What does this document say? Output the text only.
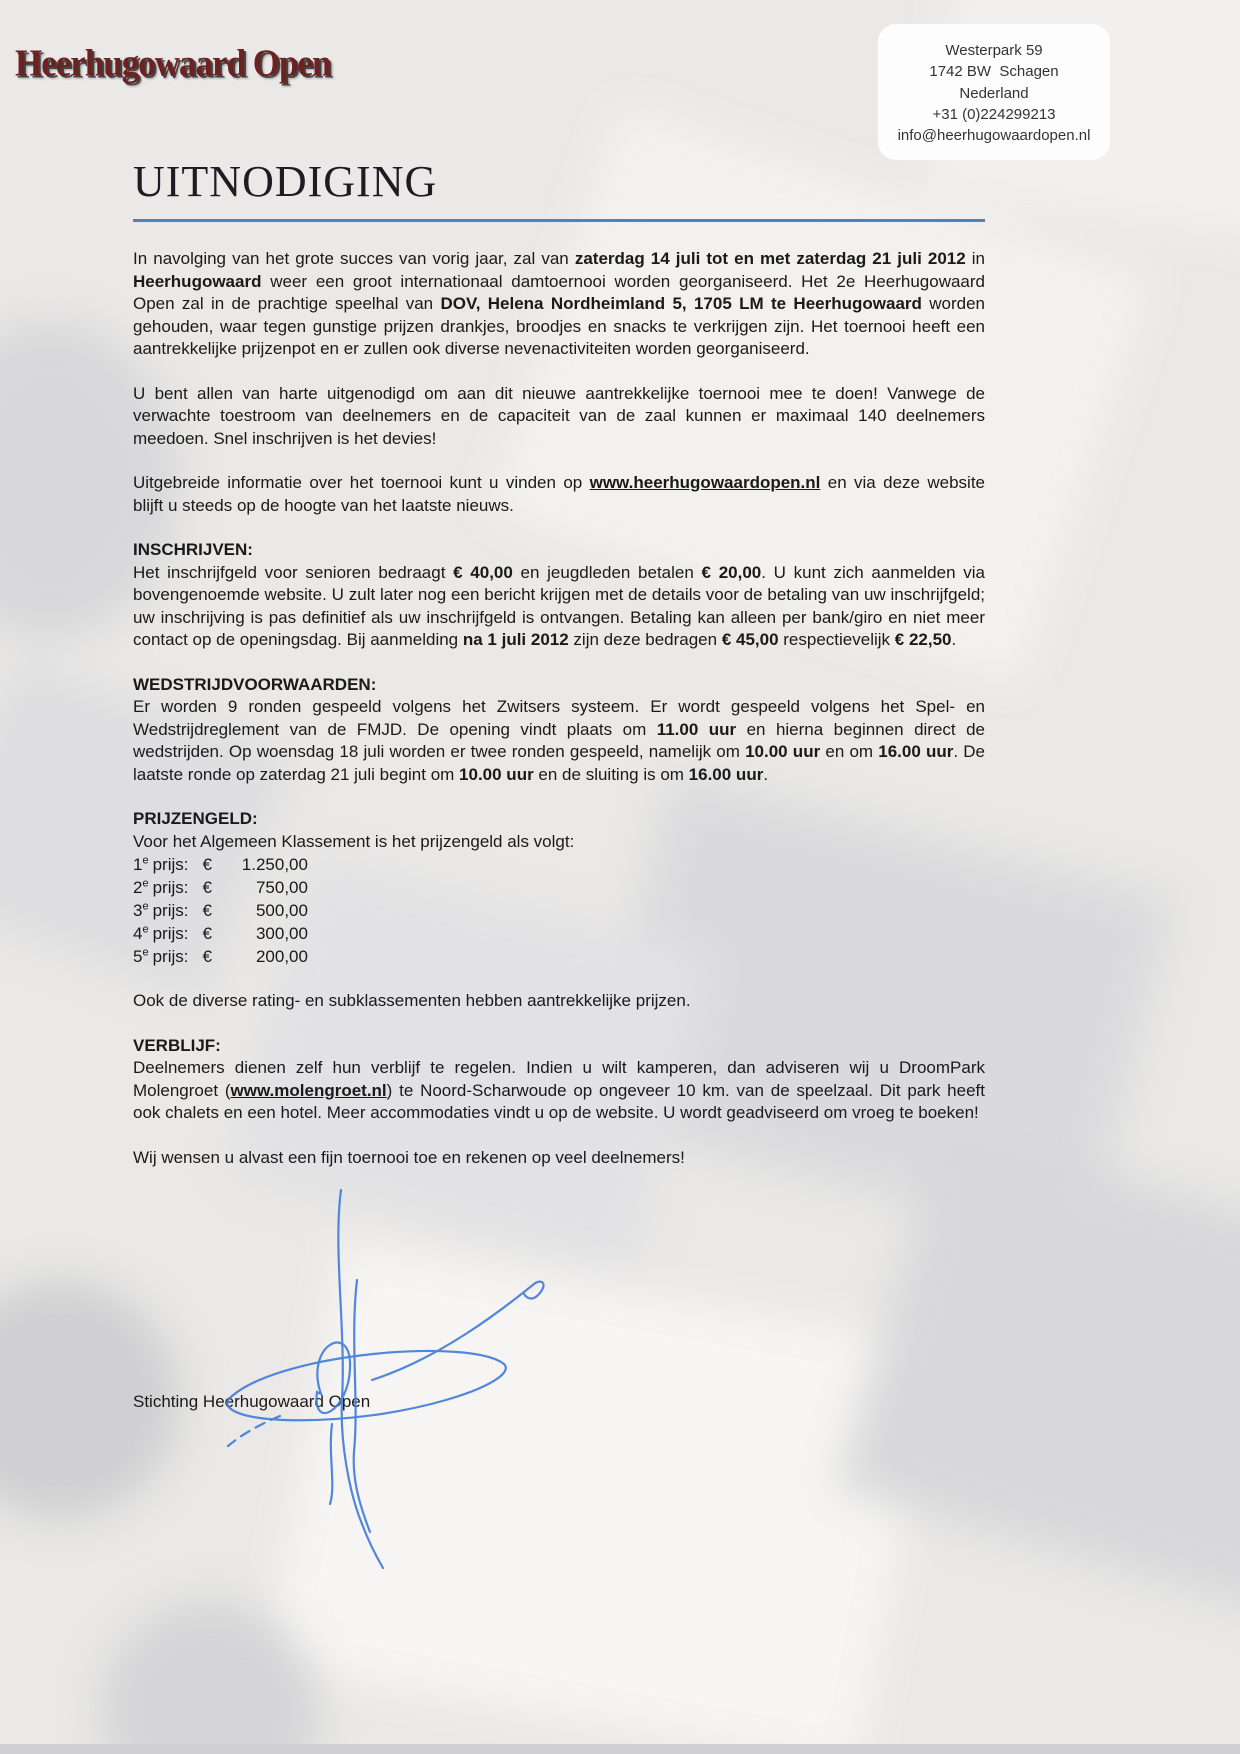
Heerhugowaard Open	Westerpark 59
1742 BW  Schagen
Nederland
+31 (0)224299213
info@heerhugowaardopen.nl
UITNODIGING

In navolging van het grote succes van vorig jaar, zal van zaterdag 14 juli tot en met zaterdag 21 juli 2012 in Heerhugowaard weer een groot internationaal damtoernooi worden georganiseerd. Het 2e Heerhugowaard Open zal in de prachtige speelhal van DOV, Helena Nordheimland 5, 1705 LM te Heerhugowaard worden gehouden, waar tegen gunstige prijzen drankjes, broodjes en snacks te verkrijgen zijn. Het toernooi heeft een aantrekkelijke prijzenpot en er zullen ook diverse nevenactiviteiten worden georganiseerd.

U bent allen van harte uitgenodigd om aan dit nieuwe aantrekkelijke toernooi mee te doen! Vanwege de verwachte toestroom van deelnemers en de capaciteit van de zaal kunnen er maximaal 140 deelnemers meedoen. Snel inschrijven is het devies!

Uitgebreide informatie over het toernooi kunt u vinden op www.heerhugowaardopen.nl en via deze website blijft u steeds op de hoogte van het laatste nieuws.

INSCHRIJVEN:

Het inschrijfgeld voor senioren bedraagt € 40,00 en jeugdleden betalen € 20,00. U kunt zich aanmelden via bovengenoemde website. U zult later nog een bericht krijgen met de details voor de betaling van uw inschrijfgeld; uw inschrijving is pas definitief als uw inschrijfgeld is ontvangen. Betaling kan alleen per bank/giro en niet meer contact op de openingsdag. Bij aanmelding na 1 juli 2012 zijn deze bedragen € 45,00 respectievelijk € 22,50.

WEDSTRIJDVOORWAARDEN:

Er worden 9 ronden gespeeld volgens het Zwitsers systeem. Er wordt gespeeld volgens het Spel- en Wedstrijdreglement van de FMJD. De opening vindt plaats om 11.00 uur en hierna beginnen direct de wedstrijden. Op woensdag 18 juli worden er twee ronden gespeeld, namelijk om 10.00 uur en om 16.00 uur. De laatste ronde op zaterdag 21 juli begint om 10.00 uur en de sluiting is om 16.00 uur.

PRIJZENGELD:

Voor het Algemeen Klassement is het prijzengeld als volgt:
1e prijs: € 1.250,00
2e prijs: €	750,00
3e prijs: €	500,00
4e prijs: €	300,00
5e prijs: €	200,00

Ook de diverse rating- en subklassementen hebben aantrekkelijke prijzen.

VERBLIJF:

Deelnemers dienen zelf hun verblijf te regelen. Indien u wilt kamperen, dan adviseren wij u DroomPark Molengroet (www.molengroet.nl) te Noord-Scharwoude op ongeveer 10 km. van de speelzaal. Dit park heeft ook chalets en een hotel. Meer accommodaties vindt u op de website. U wordt geadviseerd om vroeg te boeken!

Wij wensen u alvast een fijn toernooi toe en rekenen op veel deelnemers!

Stichting Heerhugowaard Open
